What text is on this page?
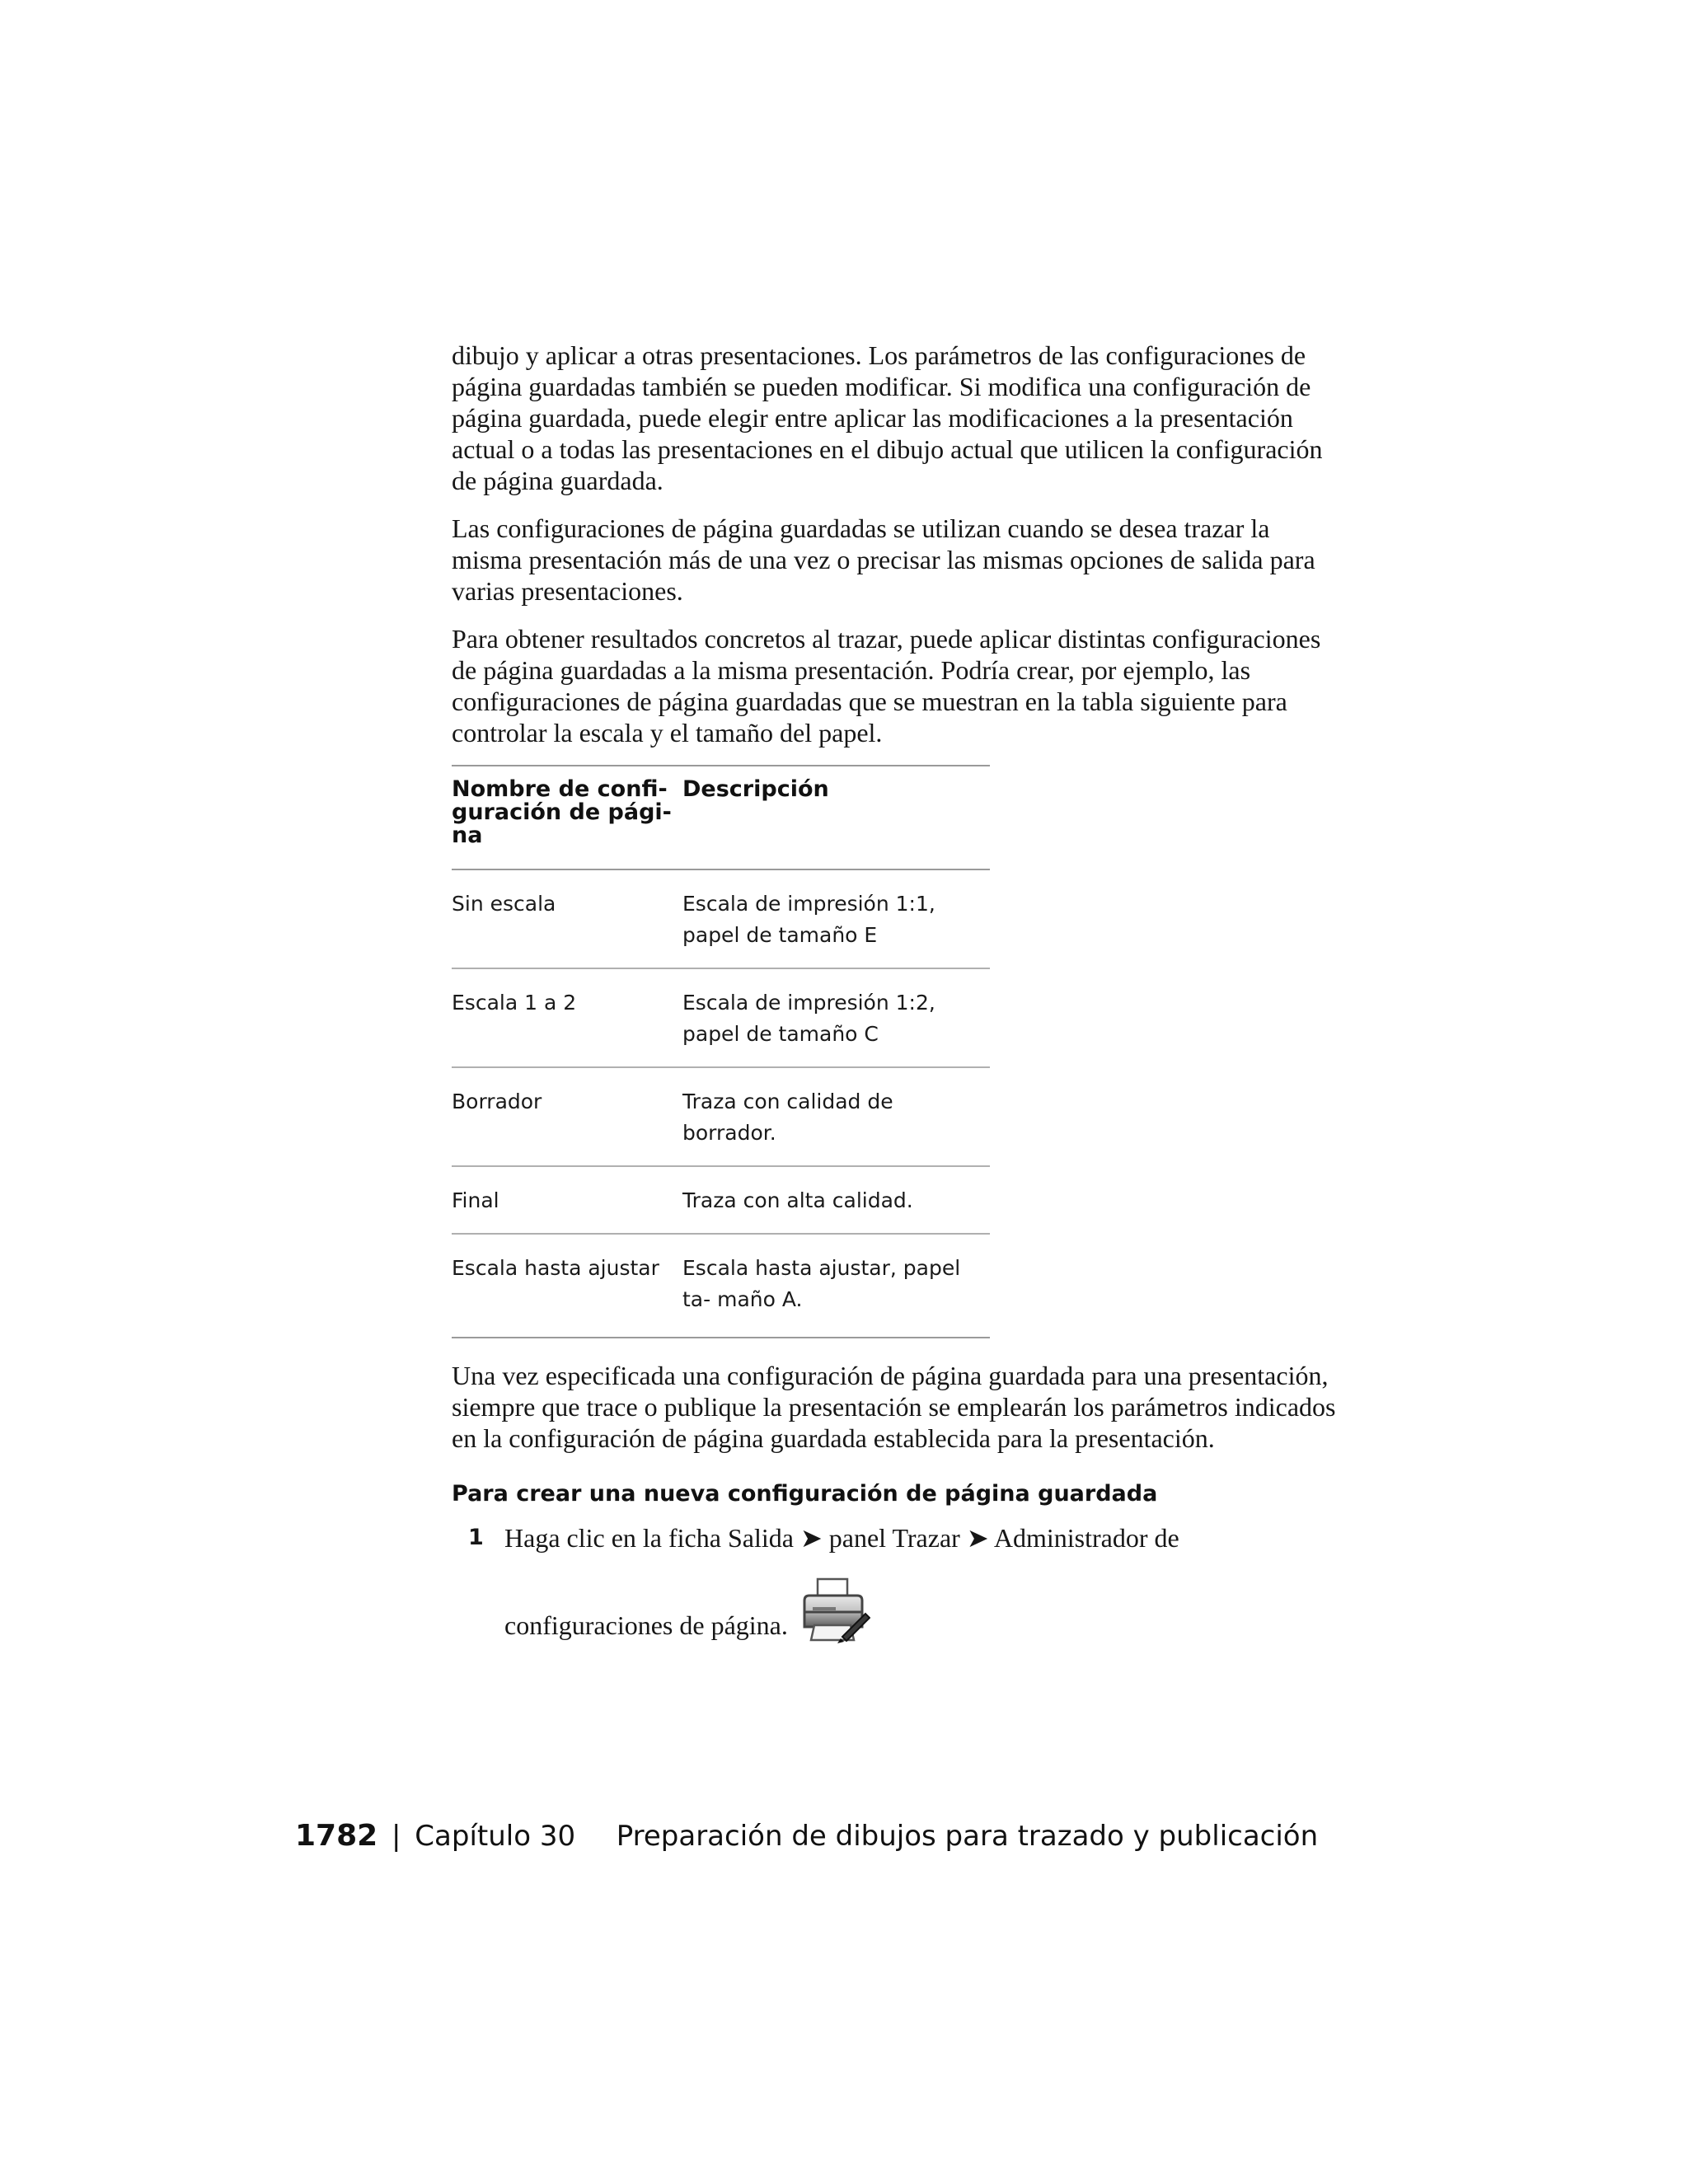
dibujo y aplicar a otras presentaciones. Los parámetros de las configuraciones de página guardadas también se pueden modificar. Si modifica una configuración de página guardada, puede elegir entre aplicar las modificaciones a la presentación actual o a todas las presentaciones en el dibujo actual que utilicen la configuración de página guardada.

Las configuraciones de página guardadas se utilizan cuando se desea trazar la misma presentación más de una vez o precisar las mismas opciones de salida para varias presentaciones.

Para obtener resultados concretos al trazar, puede aplicar distintas configuraciones de página guardadas a la misma presentación. Podría crear, por ejemplo, las configuraciones de página guardadas que se muestran en la tabla siguiente para controlar la escala y el tamaño del papel.

Nombre de confi- guración de pági- na	Descripción
Sin escala	Escala de impresión 1:1, papel de tamaño E
Escala 1 a 2	Escala de impresión 1:2, papel de tamaño C
Borrador	Traza con calidad de borrador.
Final	Traza con alta calidad.
Escala hasta ajustar	Escala hasta ajustar, papel ta- maño A.

Una vez especificada una configuración de página guardada para una presentación, siempre que trace o publique la presentación se emplearán los parámetros indicados en la configuración de página guardada establecida para la presentación.

Para crear una nueva configuración de página guardada
1 Haga clic en la ficha Salida ➤ panel Trazar ➤ Administrador de
configuraciones de página.
1782 | Capítulo 30 Preparación de dibujos para trazado y publicación
